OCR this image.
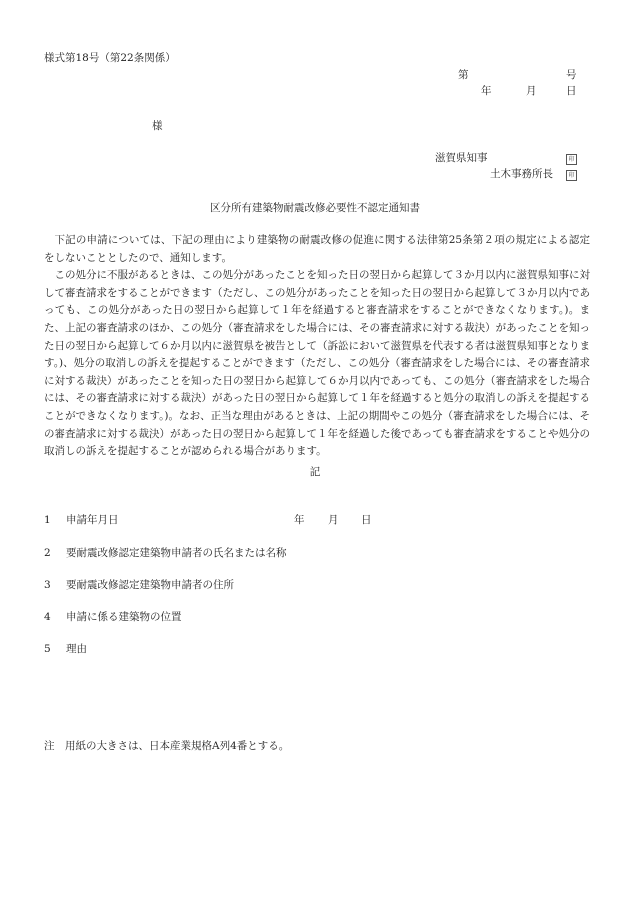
様式第18号（第22条関係）
第	号
年	月	日
様
滋賀県知事	印
土木事務所長	印
区分所有建築物耐震改修必要性不認定通知書

下記の申請については、下記の理由により建築物の耐震改修の促進に関する法律第25条第２項の規定による認定をしないこととしたので、通知します。

この処分に不服があるときは、この処分があったことを知った日の翌日から起算して３か月以内に滋賀県知事に対して審査請求をすることができます（ただし、この処分があったことを知った日の翌日から起算して３か月以内であっても、この処分があった日の翌日から起算して１年を経過すると審査請求をすることができなくなります。)。また、上記の審査請求のほか、この処分（審査請求をした場合には、その審査請求に対する裁決）があったことを知った日の翌日から起算して６か月以内に滋賀県を被告として（訴訟において滋賀県を代表する者は滋賀県知事となります。)、処分の取消しの訴えを提起することができます（ただし、この処分（審査請求をした場合には、その審査請求に対する裁決）があったことを知った日の翌日から起算して６か月以内であっても、この処分（審査請求をした場合には、その審査請求に対する裁決）があった日の翌日から起算して１年を経過すると処分の取消しの訴えを提起することができなくなります。)。なお、正当な理由があるときは、上記の期間やこの処分（審査請求をした場合には、その審査請求に対する裁決）があった日の翌日から起算して１年を経過した後であっても審査請求をすることや処分の取消しの訴えを提起することが認められる場合があります。

記
1 申請年月日	年 月 日
2 要耐震改修認定建築物申請者の氏名または名称
3 要耐震改修認定建築物申請者の住所
4 申請に係る建築物の位置
5 理由
注　用紙の大きさは、日本産業規格A列4番とする。
